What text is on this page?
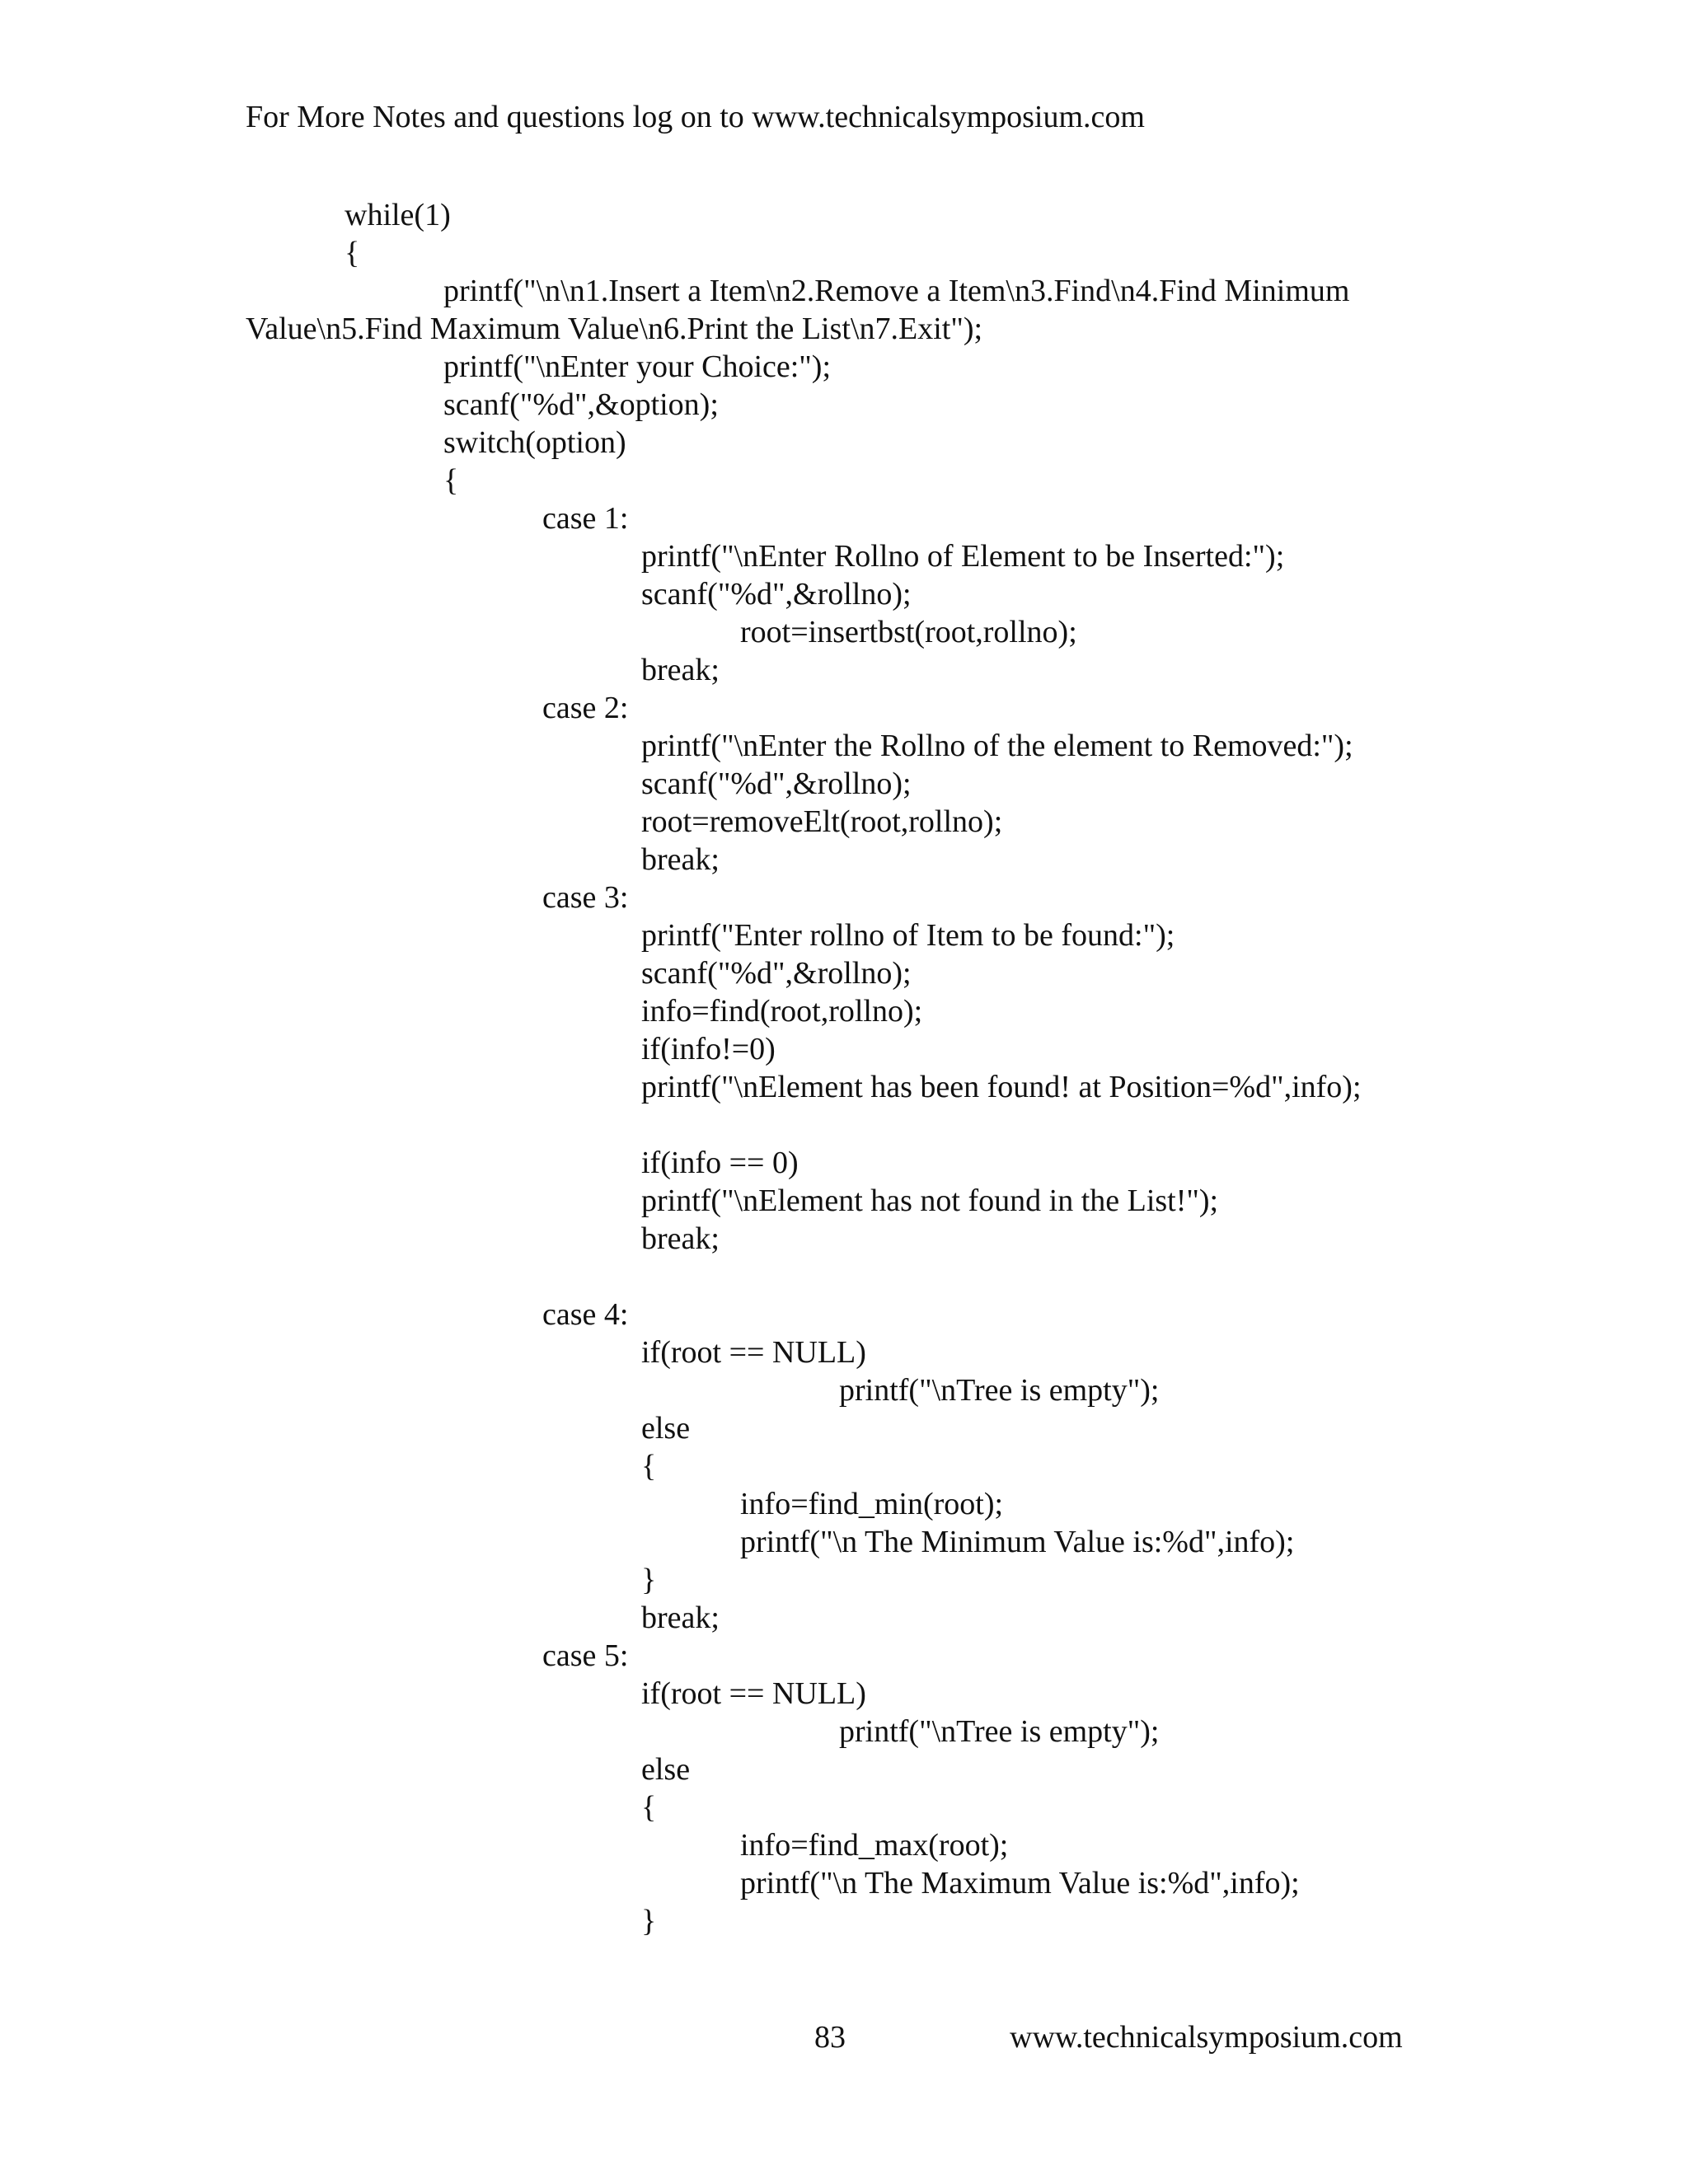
For More Notes and questions log on to www.technicalsymposium.com
while(1)
{
printf("\n\n1.Insert a Item\n2.Remove a Item\n3.Find\n4.Find Minimum
Value\n5.Find Maximum Value\n6.Print the List\n7.Exit");
printf("\nEnter your Choice:");
scanf("%d",&option);
switch(option)
{
case 1:
printf("\nEnter Rollno of Element to be Inserted:");
scanf("%d",&rollno);
root=insertbst(root,rollno);
break;
case 2:
printf("\nEnter the Rollno of the element to Removed:");
scanf("%d",&rollno);
root=removeElt(root,rollno);
break;
case 3:
printf("Enter rollno of Item to be found:");
scanf("%d",&rollno);
info=find(root,rollno);
if(info!=0)
printf("\nElement has been found! at Position=%d",info);
if(info == 0)
printf("\nElement has not found in the List!");
break;
case 4:
if(root == NULL)
printf("\nTree is empty");
else
{
info=find_min(root);
printf("\n The Minimum Value is:%d",info);
}
break;
case 5:
if(root == NULL)
printf("\nTree is empty");
else
{
info=find_max(root);
printf("\n The Maximum Value is:%d",info);
}
83	www.technicalsymposium.com
